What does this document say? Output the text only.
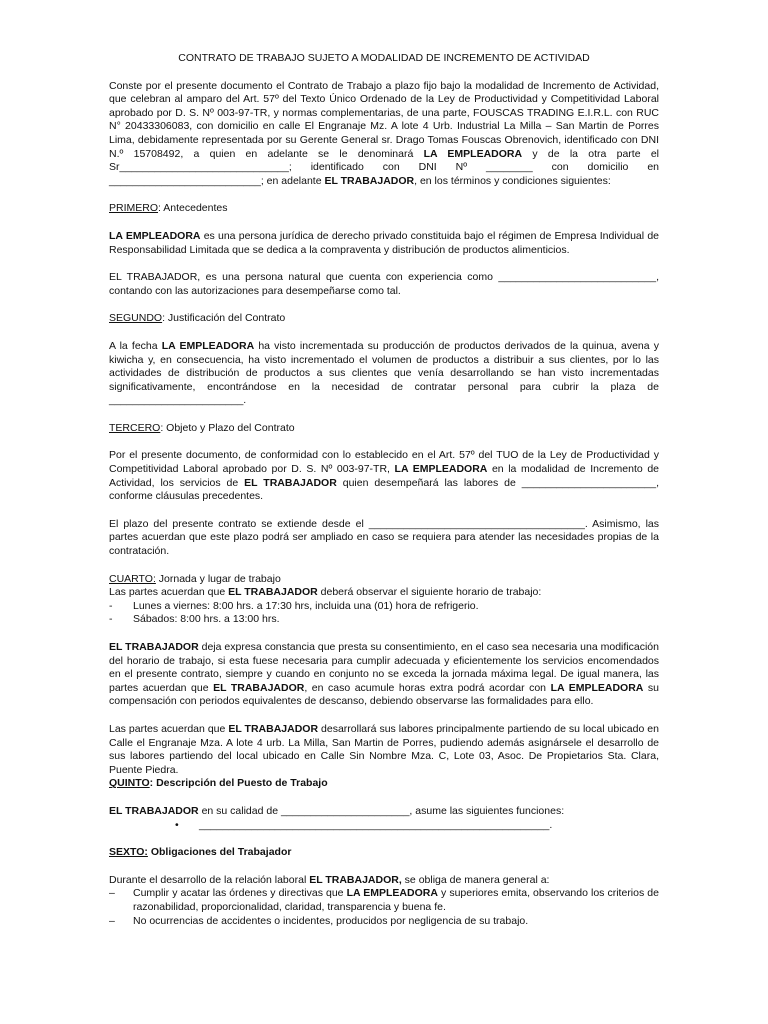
CONTRATO DE TRABAJO SUJETO A MODALIDAD DE INCREMENTO DE ACTIVIDAD

Conste por el presente documento el Contrato de Trabajo a plazo fijo bajo la modalidad de Incremento de Actividad, que celebran al amparo del Art. 57º del Texto Único Ordenado de la Ley de Productividad y Competitividad Laboral aprobado por D. S. Nº 003-97-TR, y normas complementarias, de una parte, FOUSCAS TRADING E.I.R.L. con RUC N° 20433306083, con domicilio en calle El Engranaje Mz. A lote 4 Urb. Industrial La Milla – San Martin de Porres Lima, debidamente representada por su Gerente General sr. Drago Tomas Fouscas Obrenovich, identificado con DNI N.º 15708492, a quien en adelante se le denominará LA EMPLEADORA y de la otra parte el Sr_____________________________; identificado con DNI Nº ________ con domicilio en __________________________; en adelante EL TRABAJADOR, en los términos y condiciones siguientes:

PRIMERO: Antecedentes

LA EMPLEADORA es una persona jurídica de derecho privado constituida bajo el régimen de Empresa Individual de Responsabilidad Limitada que se dedica a la compraventa y distribución de productos alimenticios.

EL TRABAJADOR, es una persona natural que cuenta con experiencia como ___________________________, contando con las autorizaciones para desempeñarse como tal.

SEGUNDO: Justificación del Contrato

A la fecha LA EMPLEADORA ha visto incrementada su producción de productos derivados de la quinua, avena y kiwicha y, en consecuencia, ha visto incrementado el volumen de productos a distribuir a sus clientes, por lo las actividades de distribución de productos a sus clientes que venía desarrollando se han visto incrementadas significativamente, encontrándose en la necesidad de contratar personal para cubrir la plaza de _______________________.

TERCERO: Objeto y Plazo del Contrato

Por el presente documento, de conformidad con lo establecido en el Art. 57º del TUO de la Ley de Productividad y Competitividad Laboral aprobado por D. S. Nº 003-97-TR, LA EMPLEADORA en la modalidad de Incremento de Actividad, los servicios de EL TRABAJADOR quien desempeñará las labores de _______________________, conforme cláusulas precedentes.

El plazo del presente contrato se extiende desde el _____________________________________. Asimismo, las partes acuerdan que este plazo podrá ser ampliado en caso se requiera para atender las necesidades propias de la contratación.

CUARTO: Jornada y lugar de trabajo

Las partes acuerdan que EL TRABAJADOR deberá observar el siguiente horario de trabajo:

- Lunes a viernes: 8:00 hrs. a 17:30 hrs, incluida una (01) hora de refrigerio.
- Sábados: 8:00 hrs. a 13:00 hrs.

EL TRABAJADOR deja expresa constancia que presta su consentimiento, en el caso sea necesaria una modificación del horario de trabajo, si esta fuese necesaria para cumplir adecuada y eficientemente los servicios encomendados en el presente contrato, siempre y cuando en conjunto no se exceda la jornada máxima legal. De igual manera, las partes acuerdan que EL TRABAJADOR, en caso acumule horas extra podrá acordar con LA EMPLEADORA su compensación con periodos equivalentes de descanso, debiendo observarse las formalidades para ello.

Las partes acuerdan que EL TRABAJADOR desarrollará sus labores principalmente partiendo de su local ubicado en Calle el Engranaje Mza. A lote 4 urb. La Milla, San Martin de Porres, pudiendo además asignársele el desarrollo de sus labores partiendo del local ubicado en Calle Sin Nombre Mza. C, Lote 03, Asoc. De Propietarios Sta. Clara, Puente Piedra.

QUINTO: Descripción del Puesto de Trabajo

EL TRABAJADOR en su calidad de ______________________, asume las siguientes funciones:

• ____________________________________________________________.

SEXTO: Obligaciones del Trabajador

Durante el desarrollo de la relación laboral EL TRABAJADOR, se obliga de manera general a:

– Cumplir y acatar las órdenes y directivas que LA EMPLEADORA y superiores emita, observando los criterios de razonabilidad, proporcionalidad, claridad, transparencia y buena fe.
– No ocurrencias de accidentes o incidentes, producidos por negligencia de su trabajo.
